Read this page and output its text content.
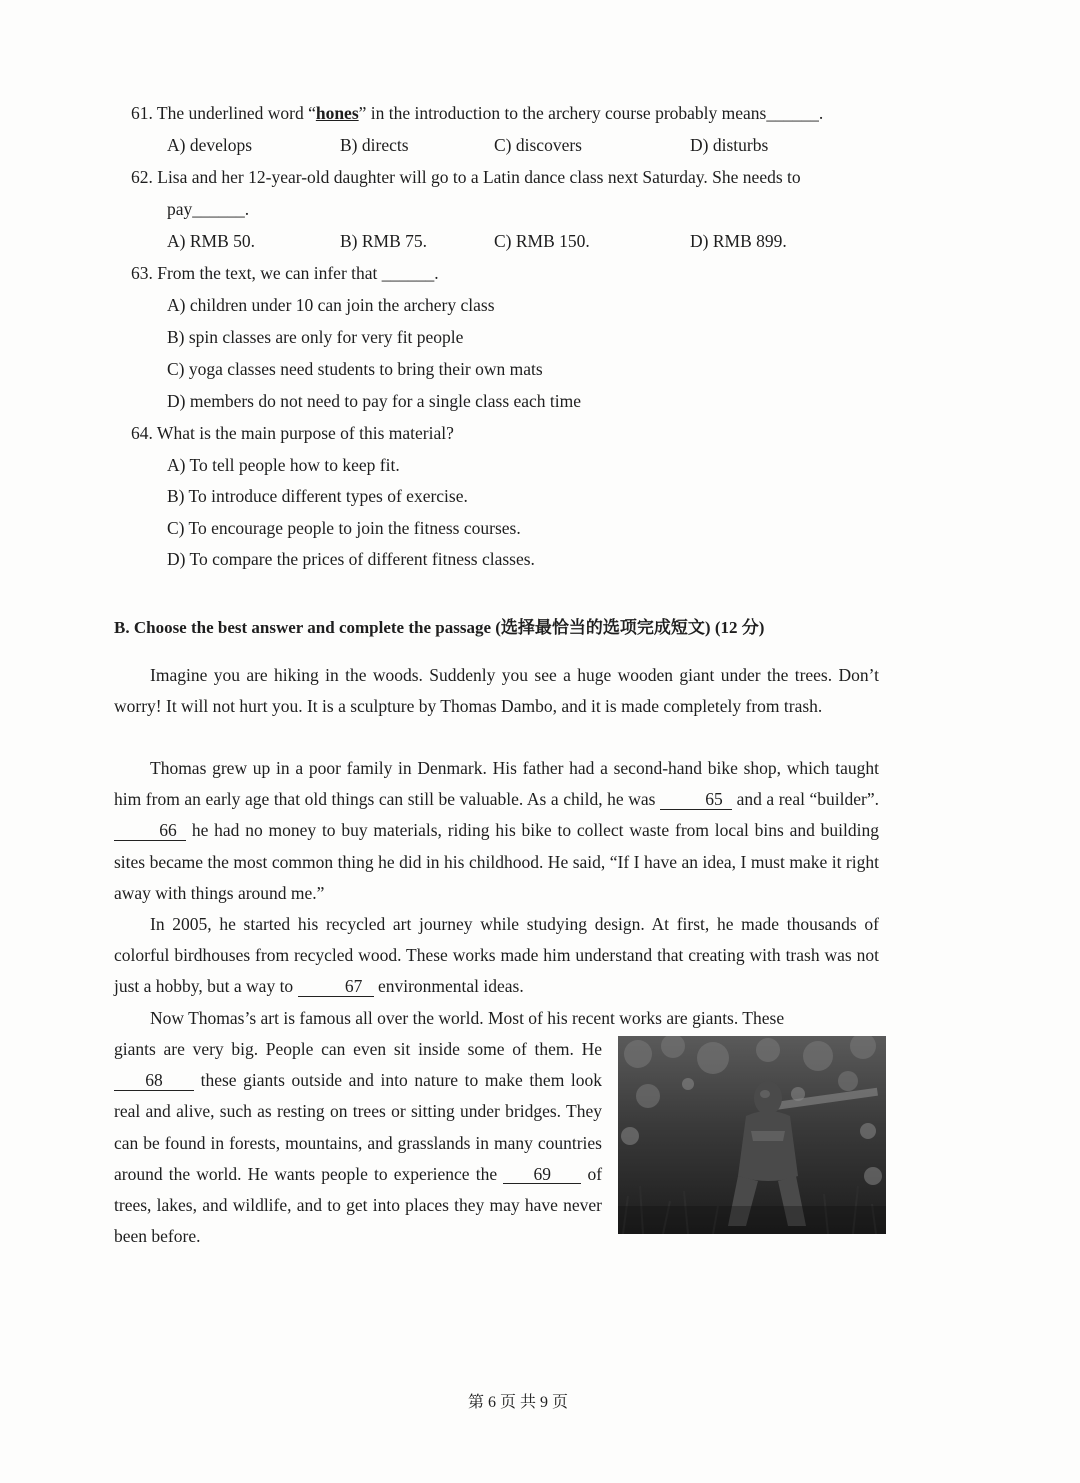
61. The underlined word “hones” in the introduction to the archery course probably means______.
A) develops	B) directs	C) discovers	D) disturbs
62. Lisa and her 12-year-old daughter will go to a Latin dance class next Saturday. She needs to
pay______.
A) RMB 50.	B) RMB 75.	C) RMB 150.	D) RMB 899.
63. From the text, we can infer that ______.
A) children under 10 can join the archery class
B) spin classes are only for very fit people
C) yoga classes need students to bring their own mats
D) members do not need to pay for a single class each time
64. What is the main purpose of this material?
A) To tell people how to keep fit.
B) To introduce different types of exercise.
C) To encourage people to join the fitness courses.
D) To compare the prices of different fitness classes.
B. Choose the best answer and complete the passage (选择最恰当的选项完成短文) (12 分)
Imagine you are hiking in the woods. Suddenly you see a huge wooden giant under the trees. Don’t worry! It will not hurt you. It is a sculpture by Thomas Dambo, and it is made completely from trash.
Thomas grew up in a poor family in Denmark. His father had a second-hand bike shop, which taught him from an early age that old things can still be valuable. As a child, he was	65 and a real “builder”. 66 he had no money to buy materials, riding his bike to collect waste from local bins and building sites became the most common thing he did in his childhood. He said, “If I have an idea, I must make it right away with things around me.”
In 2005, he started his recycled art journey while studying design. At first, he made thousands of colorful birdhouses from recycled wood. These works made him understand that creating with trash was not just a hobby, but a way to	67 environmental ideas.
Now Thomas’s art is famous all over the world. Most of his recent works are giants. These
giants are very big. People can even sit inside some of them. He 68 these giants outside and into nature to make them look real and alive, such as resting on trees or sitting under bridges. They can be found in forests, mountains, and grasslands in many countries around the world. He wants people to experience the 69 of trees, lakes, and wildlife, and to get into places they may have never been before.
第 6 页 共 9 页
